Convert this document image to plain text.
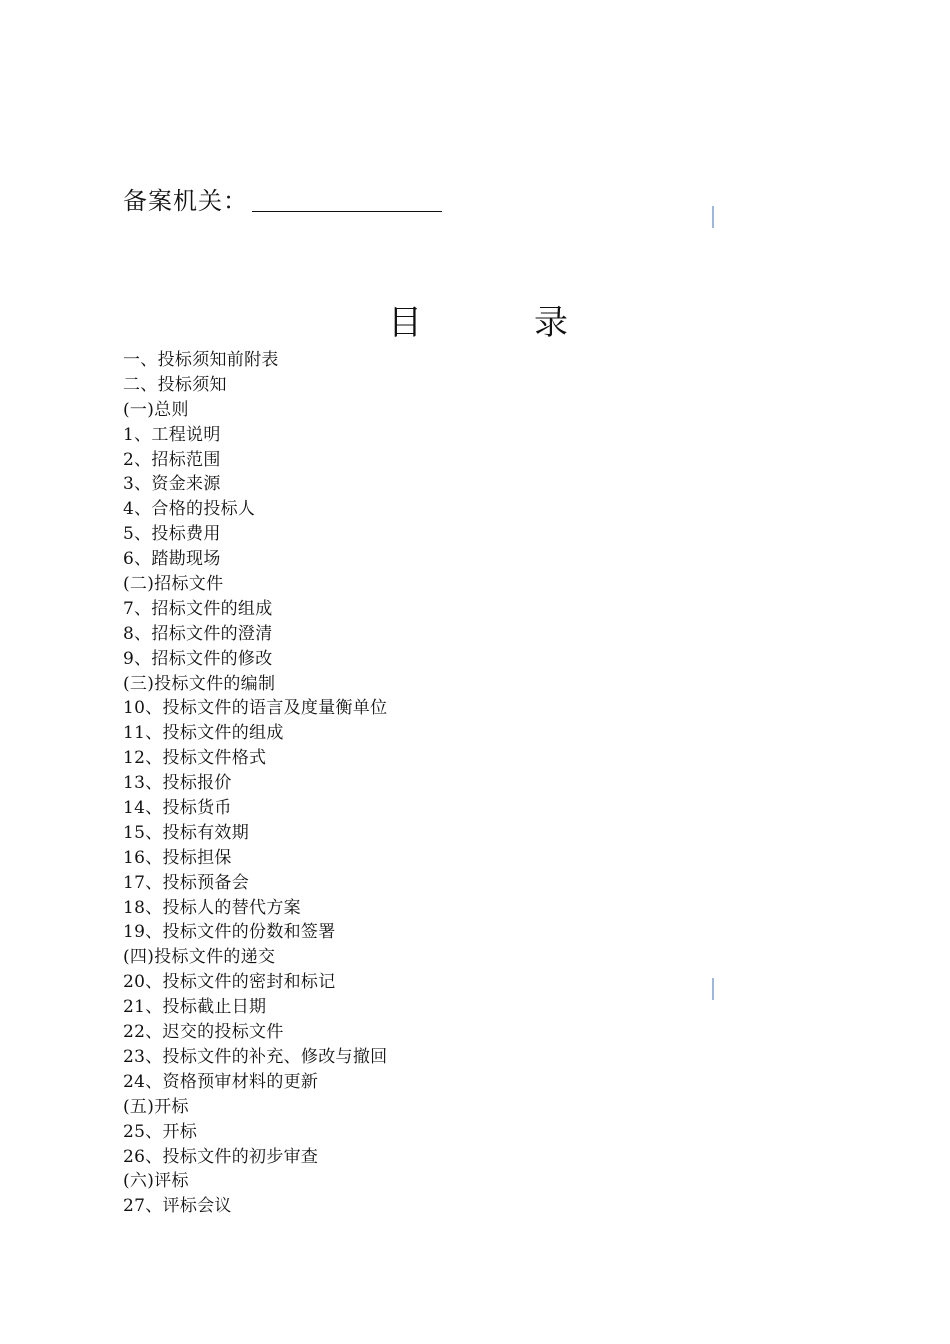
备案机关：
目	录
一、投标须知前附表
二、投标须知
(一)总则
1、工程说明
2、招标范围
3、资金来源
4、合格的投标人
5、投标费用
6、踏勘现场
(二)招标文件
7、招标文件的组成
8、招标文件的澄清
9、招标文件的修改
(三)投标文件的编制
10、投标文件的语言及度量衡单位
11、投标文件的组成
12、投标文件格式
13、投标报价
14、投标货币
15、投标有效期
16、投标担保
17、投标预备会
18、投标人的替代方案
19、投标文件的份数和签署
(四)投标文件的递交
20、投标文件的密封和标记
21、投标截止日期
22、迟交的投标文件
23、投标文件的补充、修改与撤回
24、资格预审材料的更新
(五)开标
25、开标
26、投标文件的初步审查
(六)评标
27、评标会议
